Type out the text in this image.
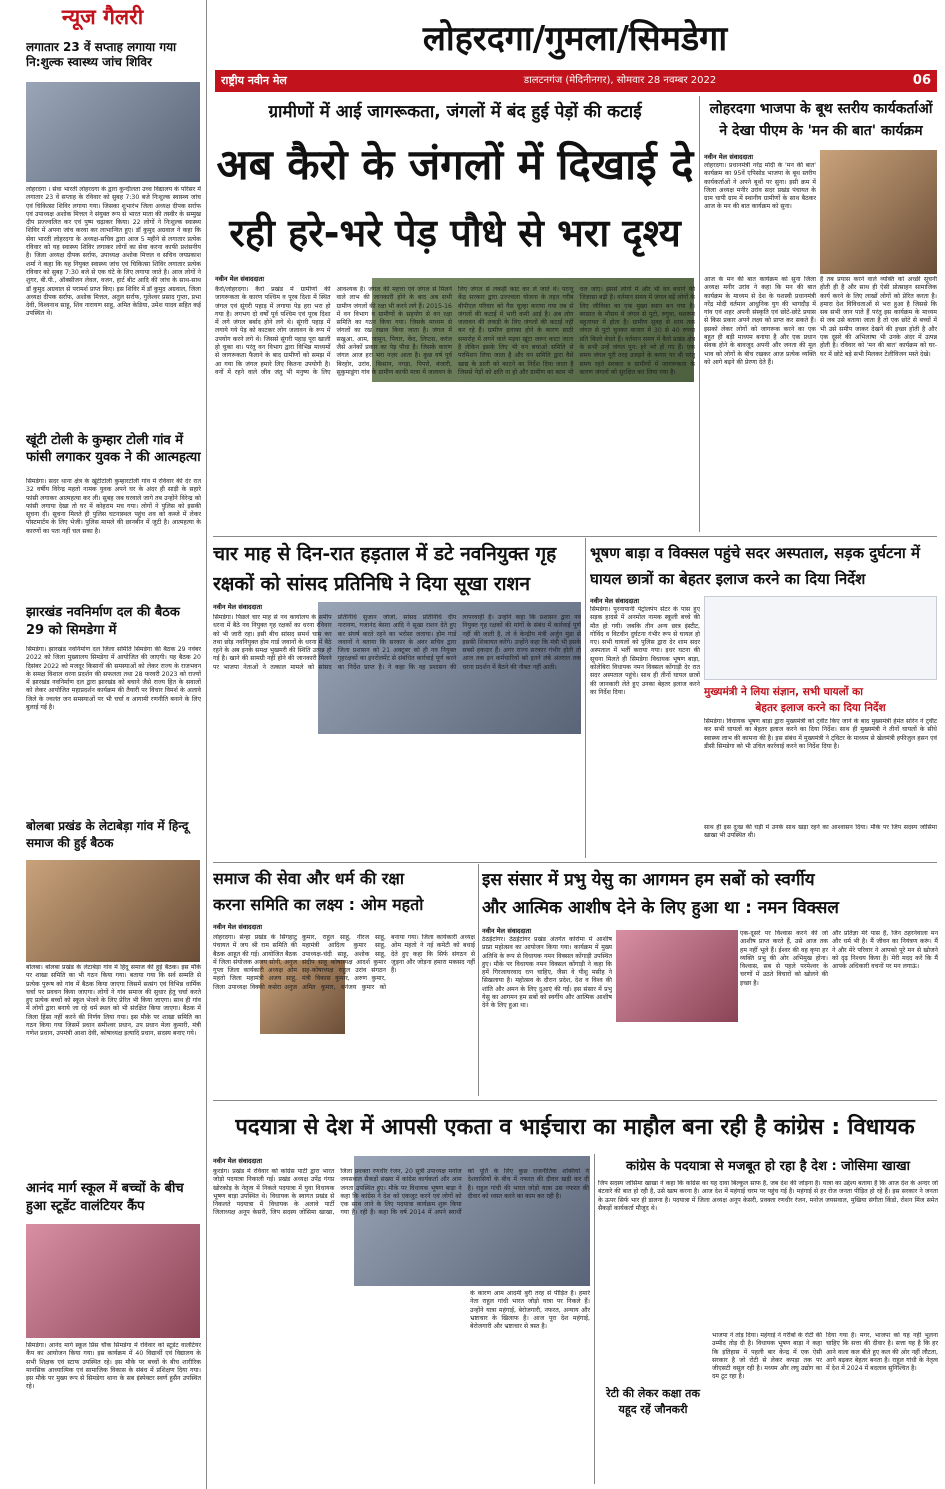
न्यूज गैलरी
लगातार 23 वें सप्ताह लगाया गया नि:शुल्क स्वास्थ्य जांच शिविर
लोहरदगा । सेवा भारती लोहरदगा के द्वारा कुन्दीलता उच्च विद्यालय के परिसर में लगातार 23 वें सप्ताह के रविवार को सुबह 7:30 बजे निःशुल्क स्वास्थ्य जांच एवं चिकित्सा शिविर लगाया गया। जिसका शुभारंभ जिला अध्यक्ष दीपक सर्राफ एवं उपाध्यक्ष अशोक मित्तल ने संयुक्त रूप से भारत माता की तस्वीर के सम्मुख दीप प्रज्ज्वलित कर एवं पुष्प चढ़ाकर किया। 22 लोगों ने निःशुल्क स्वास्थ्य शिविर में अपना जांच करवा कर लाभान्वित हुए। डॉ कुमुद अग्रवाल ने कहा कि सेवा भारती लोहरदगा के अध्यक्ष-सचिव द्वारा आज 5 महीने से लगातार प्रत्येक रविवार को यह स्वास्थ्य शिविर लगाकर लोगों का सेवा करना काफी प्रशंसनीय है। जिला अध्यक्ष दीपक सर्राफ, उपाध्यक्ष अशोक मित्तल व सचिव जयप्रकाश शर्मा ने कहा कि यह नियुक्त स्वास्थ्य जांच एवं चिकित्सा शिविर लगातार प्रत्येक रविवार को सुबह 7:30 बजे से एक घंटे के लिए लगाया जाते है। आज लोगों ने शुगर, बी.पी., ऑक्सीजन लेवल, वजन, हार्ट बीट आदि की जांच के साथ-साथ डॉ कुमुद अग्रवाल से परामर्श प्राप्त किए। इस शिविर में डॉ कुमुद अग्रवाल, जिला अध्यक्ष दीपक सर्राफ, अशोक मित्तल, अतुल सर्राफ, गुलेश्वर प्रसाद गुप्ता, प्रभा देवी, विश्वनाथ साहू, शिव नारायण साहू, अमित केडिया, उमेश यादव सहित कई उपस्थित थे।
खूंटी टोली के कुम्हार टोली गांव में फांसी लगाकर युवक ने की आत्महत्या
सिमडेगा। सदर थाना क्षेत्र के खूंटीटोली कुम्हारटोली गांव में रविवार की देर रात 32 वर्षीय विरेन्द्र महतो नामक युवक अपने घर के अंदर ही साड़ी के सहारे फांसी लगाकर आत्महत्या कर ली। सुबह जब घरवाले जागे तब उन्होंने विरेन्द्र को फांसी लगाया देखा तो घर में कोहराम मच गया। लोगों ने पुलिस को इसकी सूचना दी। सूचना मिलते ही पुलिस घटनास्थल पहुंच शव को कब्जे में लेकर पोस्टमार्टम के लिए भेजी। पुलिस मामले की छानबीन में जुटी है। आत्महत्या के कारणों का पता नहीं चल सका है।
झारखंड नवनिर्माण दल की बैठक 29 को सिमडेगा में
सिमडेगा। झारखंड नवनिर्माण दल जिला समिति सिमडेगा की बैठक 29 नवंबर 2022 को जिला मुख्यालय सिमडेगा में आयोजित की जाएगी। यह बैठक 20 दिसंबर 2022 को मजदूर किसानों की समस्याओं को लेकर राज्य के राजभवन के समक्ष विशाल धरना प्रदर्शन की सफलता तथा 28 फरवरी 2023 को राज्यों में झारखंड नवनिर्माण दल द्वारा झारखंड को बचाने जैसे राज्य हित के सवालों को लेकर आयोजित महाप्रदर्शन कार्यक्रम की तैयारी पर विचार विमर्श के अलावे जिले के ज्वलंत जन समस्याओं पर भी चर्चा व आगामी रणनीति बनाने के लिए बुलाई गई है।
बोलबा प्रखंड के लेटाबेड़ा गांव में हिन्दू समाज की हुई बैठक
बोलबा। बोलबा प्रखंड के लेटाबेड़ा गांव में हिंदू समाज की हुई बैठक। इस मौके पर शाखा समिति का भी गठन किया गया। बताया गया कि सर्व सम्मति से प्रत्येक पुरूष को गांव में बैठक किया जाएगा जिसमें सत्संग एवं विभिन्न धार्मिक चर्चा पर प्रवचन किया जाएगा। लोगों ने गांव समाज की सुधार हेतु चर्चा करते हुए प्रत्येक बच्चों को स्कूल भेजने के लिए प्रेरित भी किया जाएगा। साथ ही गांव में लोगों द्वारा बनाये जा रहे धर्म स्थल को भी संरक्षित किया जाएगा। बैठक में जिला हिंसा नहीं करने की निर्णय लिया गया। इस मौके पर शाखा समिति का गठन किया गया जिसमें प्रधान समीश्वर प्रधान, उप प्रधान मेला कुमारी, मंत्री गणेश प्रधान, उपमंत्री आशा देवी, कोषाध्यक्ष इत्यादि प्रधान, सदस्य बनाए गये।
आनंद मार्ग स्कूल में बच्चों के बीच हुआ स्टूडेंट वालंटियर कैंप
सिमडेगा। आनंद मार्ग स्कूल प्रिंस चौक सिमडेगा में रविवार को स्टूडेंट वालंटियर कैंप का आयोजन किया गया। इस कार्यक्रम में 40 विद्यार्थी एवं विद्यालय के सभी शिक्षक एवं स्टाफ उपस्थित रहे। इस मौके पर बच्चों के बीच शारीरिक मानसिक आध्यात्मिक एवं सामाजिक विकास के संबंध में प्रशिक्षण दिया गया। इस मौके पर मुख्य रूप से सिमडेगा थाना के सब इंस्पेक्टर स्वर्ण हुसैन उपस्थित रहे।
लोहरदगा/गुमला/सिमडेगा
राष्ट्रीय नवीन मेल	डालटनगंज (मेदिनीनगर), सोमवार 28 नवम्बर 2022	06
ग्रामीणों में आई जागरूकता, जंगलों में बंद हुई पेड़ों की कटाई
अब कैरो के जंगलों में दिखाई दे
रही हरे-भरे पेड़ पौधे से भरा दृश्य
नवीन मेल संवाददाता
कैरो/लोहरदगा। कैरो प्रखंड में ग्रामीणों की जागरूकता के कारण पश्चिम व पूरब दिशा में स्थित जंगल एवं सूंगरी पहाड़ में लगाया पेड़ हरा भरा हो गया है। लगभग दो वर्षों पूर्व पश्चिम एवं पूरब दिशा में लगे जंगल बर्बाद होने लगे थे। सूंगरी पहाड़ में लगाये गये पेड़ को काटकर लोग जलावन के रूप में उपयोग करने लगे थे। जिससे सूंगरी पहाड़ पूरा खाली हो चुका था। परंतु वन विभाग द्वारा विभिन्न माध्यमों से जागरूकता फैलाने के बाद ग्रामीणों को समझ में आ गया कि जंगल हमारे लिए कितना उपयोगी है। वनों में रहने वाले जीव जंतु भी मनुष्य के लिए आवश्यक है। जंगल की महत्ता एवं जंगल से मिलने वाले लाभ की जानकारी होने के बाद अब सभी ग्रामीण जंगलों की रक्षा भी करने लगे हैं। 2015-16 में वन विभाग व ग्रामीणों के सहयोग से वन रक्षा समिति का गठन किया गया। जिसके माध्यम से जंगलों का रख रखाव किया जाता है। जंगल में सखुआ, आम, जामुन, पियार, केंद, लिप्टस, करंज जैसे अनेकों प्रकार का पेड़ पौधा है। जिसके कारण जंगल आज हरा भरा नज़र आता है। कुछ वर्ष पूर्व बिरहोर, उरांव, किसान, नगड़ा, पिपरो, बंजारी, सुकुमाडूंगा गांव के ग्रामीण काफी मात्रा में जलावन के लिए जंगल से लकड़ी काट कर ले जाते थे। परन्तु केंद्र सरकार द्वारा उज्ज्वला योजना के तहत गरीब बीपीएल परिवार को गैस चूल्हा कराया गया तब से जंगलों की कटाई में भारी कमी आई है। अब लोग जलावन की लकड़ी के लिए जंगलों की कटाई नहीं कर रहे हैं। ग्रामीण इलाका होने के कारण साठी समारोह में लगने वाले मड़वा खूंटा जरूर काटा जाता है लेकिन इसके लिए भी वन बचाओ समिति से परमिशन लिया जाता है और वन समिति द्वारा वैसे खाद्य के डाली को काटने का निर्देश दिया जाता है जिससे पेड़ों को क्षति ना हो और ग्रामीण का काम भी चल जाए। इससे लोगों में और भी वन बचाने की जिज्ञासा बढ़ी है। वर्तमान समय में जंगल बढ़ें लोगों के लिए जीविका का एक मुख्य स्थान बन गया है। बरसात के मौसम में जंगल से पुटो, रुगुवा, मशरूम बहुतायत में होता है। ग्रामीण सुबह से शाम तक जंगल से पुटो चुनकर बाजार में 30 से 40 रुपया प्रति किलो बेचते हैं। वर्तमान समय में कैरो प्रखंड क्षेत्र के सभी उन्हें जंगल पुन: हरे भरे हो गए हैं। एक समय जंगल पूरी तरह उजड़ने के कगार पर थी परंतु समय रहते सरकार व ग्रामीणों में जागरूकता के कारण जंगलों को सुरक्षित कर लिया गया है।
लोहरदगा भाजपा के बूथ स्तरीय कार्यकर्ताओं ने देखा पीएम के 'मन की बात' कार्यक्रम
नवीन मेल संवाददाता
लोहरदगा। प्रधानमंत्री नरेंद्र मोदी के 'मन की बात' कार्यक्रम का 95वें एपिसोड भाजपा के बूथ स्तरीय कार्यकर्ताओं ने अपने बूथों पर सुना। इसी क्रम में जिला अध्यक्ष मनीर उरांव सदर प्रखंड पंचायत के ग्राम चापी ग्राम में स्थानीय ग्रामीणों के साथ बैठकर आज के मन की बात कार्यक्रम को सुना।
आज के मन की बात कार्यक्रम को सुना जिला अध्यक्ष मनीर उरांव ने कहा कि मन की बात कार्यक्रम के माध्यम से देश के यशस्वी प्रधानमंत्री नरेंद्र मोदी वर्तमान आधुनिक युग की भागदौड़ में गांव एवं शहर अपनी संस्कृति एवं छोटे-छोटे प्रयास से किस प्रकार अपने लक्ष्य को प्राप्त कर सकते हैं। इसको लेकर लोगों को जागरूक करने का एक बहुत ही बड़ी माध्यम बनाया है और एक प्रधान सेवक होने के बावजूद अपनी और जनता की मूल भाव को लोगों के बीच रखकर आज प्रत्येक व्यक्ति को आगे बढ़ने की प्रेरणा देते हैं।
है तब प्रयास करने वाले व्यक्ति को अच्छी सूचनी होती ही है और साथ ही ऐसी प्रोत्साहन सामाजिक कार्य करने के लिए लाखों लोगों को प्रेरित करता है। हमारा देश विविधताओं से भरा हुआ है जिससे कि सब सभी जान पाते हैं परंतु इस कार्यक्रम के माध्यम से जब उसे बताया जाता है तो एक छोटे से बच्चों में भी उसे समीप जाकर देखने की इच्छा होती है और एक दूसरे की अभिलाषा भी उनके अंदर में उत्पन्न होती है। रविवार को 'मन की बात' कार्यक्रम को घर-घर में छोटे बड़े सभी मिलकर टेलीविजन मस्ते देखे।
चार माह से दिन-रात हड़ताल में डटे नवनियुक्त गृह
रक्षकों को सांसद प्रतिनिधि ने दिया सूखा राशन
नवीन मेल संवाददाता
सिमडेगा। पिछले चार माह से नव कार्यालय के समीप धरना में बैठे नव नियुक्त गृह रक्षकों का धरना रविवार को भी जारी रहा। इसी बीच सांसद समर्थ चाम कर तथा छोड़ नवनियुक्त होम गार्ड जवानों के धरना में बैठे रहने के अब इनके समक्ष भुखमरी की स्थिति उत्पन्न हो गई है। खाने की सामग्री नहीं होने की जानकारी मिलने पर भाजपा नेताओं ने तत्काल मामले को सांसद प्रतिनिधि सुजान जोजो, सांसद प्रतिनिधि दीप नारायण, गजानंद बेसरा आदि ने सूखा राशन देते हुए कर संघर्ष करते रहने का भरोसा जताया। होम गार्ड जवानों ने बताया कि सरकार के अवर सचिव द्वारा जिला प्रशासन को 21 अक्टूबर को ही नव नियुक्त गृहरक्षकों का इनरोलमेंट से संबंधित कार्रवाई पूर्ण करने का निर्देश प्राप्त है। ने कहा कि वह प्रशासन की लापरवाही है। उन्होंने कहा कि प्रशासन द्वारा नव नियुक्त गृह रक्षकों की मांगों के संबंध में कार्रवाई पूर्ण नहीं की जाती है, तो वे केन्द्रीय मंत्री अर्जुन मुंडा से इसकी शिकायत करेंगे। उन्होंने कहा कि मंत्री भी इसके सबसे हकदार हैं। अगर राज्य सरकार गंभीर होती तो आज तक इन कर्मचारियों को इतने लंबे अंतराल तक धरना प्रदर्शन में बैठने की नौबत नहीं आती।
भूषण बाड़ा व विक्सल पहुंचे सदर अस्पताल, सड़क दुर्घटना में
घायल छात्रों का बेहतर इलाज करने का दिया निर्देश
नवीन मेल संवाददाता
सिमडेगा। पुरनापानी पेट्रोलपंप सेंटर के पास हुए सड़क हादसे में अनमोल नामक स्कूली बच्चे की मौत हो गयी। जबकि तीन अन्य छात्र इंस्टीट, गोविंद व विटवीन दुर्घटना गंभीर रूप से घायल हो गए। सभी घायलों को पुलिस द्वारा देर शाम सदर अस्पताल में भर्ती कराया गया। इधर घटना की सूचना मिलते ही सिमडेगा विधायक भूषण बाड़ा, कोलेबिरा विधायक नमन विक्सल कोंगाड़ी देर रात सदर अस्पताल पहुंचे। साथ ही तीनों घायल छात्रों की जानकारी लेते हुए उनका बेहतर इलाज करने का निर्देश दिया।	मुख्यमंत्री ने लिया संज्ञान, सभी घायलों का
बेहतर इलाज करने का दिया निर्देश
सिमडेगा। विधायक भूषण बाड़ा द्वारा मुख्यमंत्री को ट्वीट किए जाने के बाद मुख्यमंत्री हेमंत सोरेन ने ट्वीट कर सभी घायलों का बेहतर इलाज करने का दिया निर्देश। साथ ही मुख्यमंत्री ने तीनों घायलों के सीधे स्वास्थ्य लाभ की कामना की है। इस संबंध में मुख्यमंत्री ने ट्विटर के माध्यम से खेलमंत्री हफीजुल हसन एवं डीसी सिमडेगा को भी उचित कार्रवाई करने का निर्देश दिया है।
साथ ही इस दुःख की घड़ी में उनके साथ खड़ा रहने का आश्वासन दिया। मौके पर जिप सदस्य जोसिमा खाखा भी उपस्थित थी।
समाज की सेवा और धर्म की रक्षा
करना समिति का लक्ष्य : ओम महतो
नवीन मेल संवाददाता
लोहरदगा। सेन्हा प्रखंड के सिंगहाटु पंचायत में जय श्री राम समिति की बैठक आहूत की गई। आयोजित बैठक में जिला संयोजक अजय सोनी, अनुज गुप्ता जिला कार्यकारी अध्यक्ष ओम महतो जिला महामंत्री अजय साहू, जिला उपाध्यक्ष विक्की कसेरा अनुज कुमार, राहुल साहू, नीरज साहू, महामंत्री आदित्य कुमार साहू, उपाध्यक्ष-चंदी साहू, अशोक साहू, संदीप साहू कोषाध्यक्ष आदर्श कुमार सह-कोषाध्यक्ष राहुल उरांव संगठन मंत्री विकास कुमार, अरुण कुमार, अमित कुमार, धनंजय कुमार को बनाया गया। जिला कार्यकारी अध्यक्ष ओम महतो ने नई कमेटी को बधाई देते हुए कहा कि सिर्फ संगठन से जुड़ना और जोड़ना हमारा मकसद नहीं है।
इस संसार में प्रभु येसु का आगमन हम सबों को स्वर्गीय
और आत्मिक आशीष देने के लिए हुआ था : नमन विक्सल
नवीन मेल संवाददाता
ठेठईटांगर। ठेठईटांगर प्रखंड अंतर्गत कोरोमा में आशीष प्राप्ना महोत्सव का आयोजन किया गया। कार्यक्रम में मुख्य अतिथि के रूप से विधायक नमन विक्सल कोंगाड़ी उपस्थित हुए। मौके पर विधायक नमन विक्सल कोंगाड़ी ने कहा कि हमें गिरजाघरवाद रत्न चाहिए, जैसा वे यीशु मसीह ने सिखलाया है। महोत्सव के दौरान प्रदेश, देश व विश्व की शांति और अमन के लिए दुआएं की गईं। इस संसार में प्रभु येसु का आगमन हम सबों को स्वर्गीय और आत्मिक आशीष देने के लिए हुआ था।
एक-दूसरे पर विश्वास करने की जो आशीष प्राप्त करते हैं, उसे आज तक हम नहीं भूले हैं। ईश्वर की वह कृपा हर व्यक्ति प्रभु की ओर अभिमुख होना। विश्वास, सब से पहले परमेश्वर के चरणों में उठते विचारों को खोलने की इच्छा है।
और प्रतिज्ञा मेरे पास है, जिन ठहरनेवाला मन और धर्म भी है। मैं जीवन का नियंत्रण करूं। मैं ने और मेरे परिवार ने आपको पूरे मन से खोजने को दृढ़ निश्चय किया है। मेरी मदद करें कि मैं आपके अधिकारी वचनों पर मन लगाऊं।
पदयात्रा से देश में आपसी एकता व भाईचारा का माहौल बना रही है कांग्रेस : विधायक
नवीन मेल संवाददाता
कुरडेग। प्रखंड में रविवार को कांग्रेस पार्टी द्वारा भारत जोड़ो पदयात्रा निकाली गई। प्रखंड अध्यक्ष उपेंद्र गंगप्र खोरकोड़ के नेतृत्व में निकले पदयात्रा में युवा विधायक भूषण बाड़ा उपस्थित थे। विधायक के स्वागत प्रखंड से निकलते पदयात्रा में विधायक के अलावे पार्टी जिलाध्यक्ष अनूप केसरी, जिप सदस्य जोसिमा खाखा, जिला प्रवक्ता रणधीर रंजन, 20 सूत्री उपाध्यक्ष मनोज जयसवाल सैकड़ों संख्या में कांग्रेस कार्यकर्ता और आम जनता उपस्थित हुए। मौके पर विधायक भूषण बाड़ा ने कहा कि कांग्रेस ने देश को एकजुट करने एवं लोगों को एक साथ लाने के लिए पदयात्रा कार्यक्रम शुरू किया गया है। रही है। कहा कि वर्ष 2014 में अपने स्वार्थी को पूर्ति के लिए कुछ राजनीतिक शक्तियों ने देशवासियों के बीच में नफरत की दीवार खड़ी कर दी है। राहुल गांधी की भारत जोड़ो यात्रा उस नफरत की दीवार को ध्वस्त करने का काम कर रही है।
के कारण आम आदमी बुरी तरह से पीड़ित है। हमारे नेता राहुल गांधी भारत जोड़ो यात्रा पर निकले हैं। उन्होंने यात्रा महंगाई, बेरोजगारी, नफरत, अन्याय और भ्रष्टाचार के खिलाफ है। आज पूरा देश महंगाई, बेरोजगारी और भ्रष्टाचार से त्रस्त है।
कांग्रेस के पदयात्रा से मजबूत हो रहा है देश : जोसिमा खाखा
जिप सदस्य जोसिमा खाखा ने कहा कि कांग्रेस का यह दावा बिल्कुल साफ है, जब देश की जोड़ना है। यात्रा का उद्देश्य बताया है कि आज देश के अन्दर जो बंटवारे की बात हो रही है, उसे खत्म करना है। आज देश में महंगाई चरम पर पहुंच गई है। महंगाई से हर रोज जनता पीड़ित हो रहे हैं। इस सरकार ने जनता के ऊपर सिर्फ भार ही डालना है। पदयात्रा में जिला अध्यक्ष अनूप केसरी, प्रवक्ता रणधीर रंजन, मनोज जयसवाल, मुखिया संगीता किंडो, रोशन मिंज समेत सैकड़ों कार्यकर्ता मौजूद थे।
रेटी की लेकर कक्षा तक
यहूद रहें जौनकरी
भाजपा ने तोड़ दिया। महंगाई ने गरीबों के रोटी की उम्मीद तोड़ दी है। विधायक भूषण बाड़ा ने कहा कि इतिहास में पहली बार केन्द्र में एक ऐसी सरकार है जो रोटी से लेकर कपड़ा तक पर जीएसटी वसूल रही है। मध्यम और लघु उद्योग का दम टूट रहा है।
दिया गया है। मगर, भाजपा को यह नहीं भूलना चाहिए कि सत्ता की दीवार है। सत्ता यह है कि हर आने वाला कल बीते हुए कल की ओर नहीं लौटता, आगे बढ़कर बेहतर बनता है। राहुल गांधी के नेतृत्व में देश में 2024 में बदलाव सुनिश्चित है।
